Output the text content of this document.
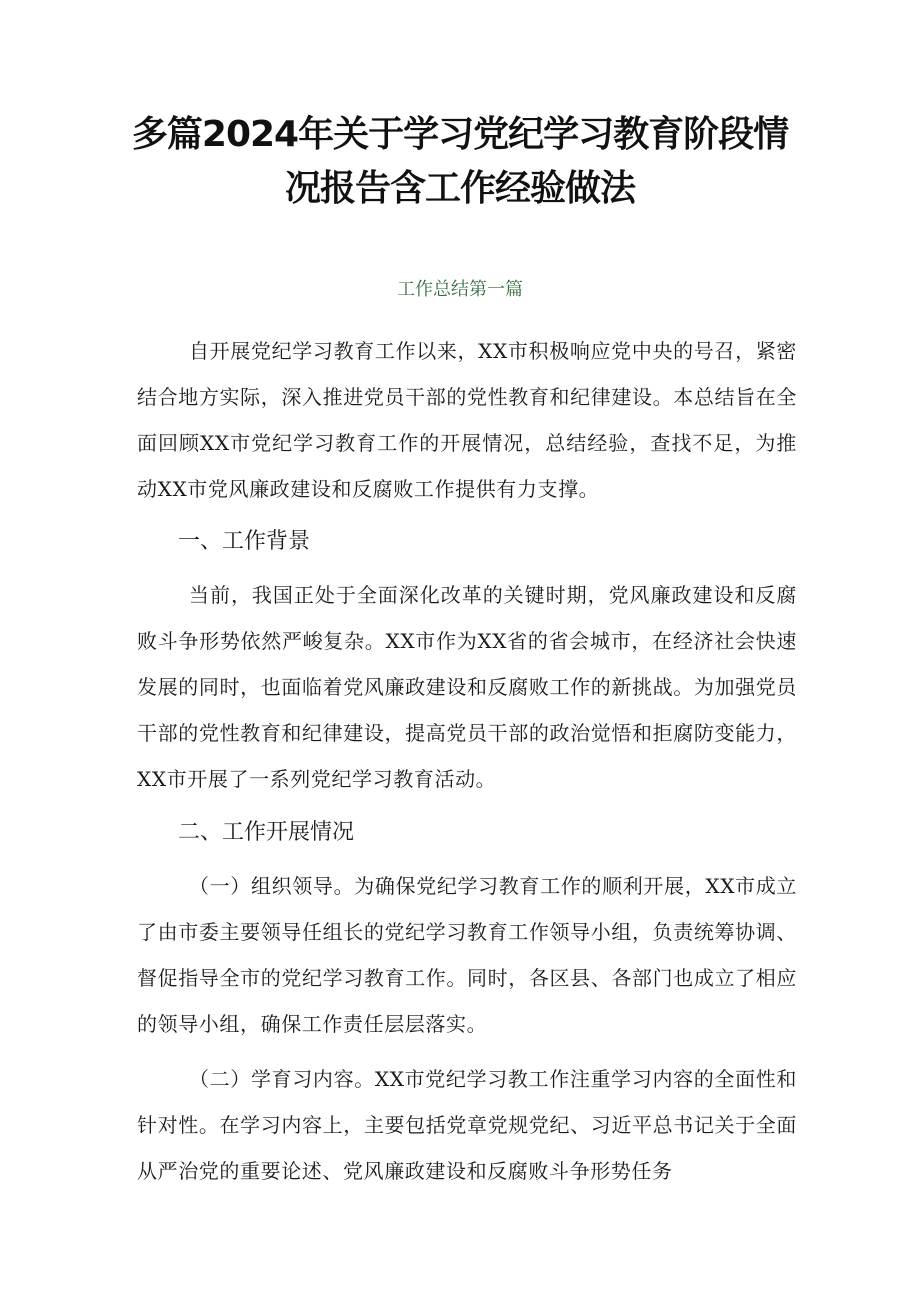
多篇2024年关于学习党纪学习教育阶段情况报告含工作经验做法
工作总结第一篇

自开展党纪学习教育工作以来，XX市积极响应党中央的号召，紧密结合地方实际，深入推进党员干部的党性教育和纪律建设。本总结旨在全面回顾XX市党纪学习教育工作的开展情况，总结经验，查找不足，为推动XX市党风廉政建设和反腐败工作提供有力支撑。

一、工作背景

当前，我国正处于全面深化改革的关键时期，党风廉政建设和反腐败斗争形势依然严峻复杂。XX市作为XX省的省会城市，在经济社会快速发展的同时，也面临着党风廉政建设和反腐败工作的新挑战。为加强党员干部的党性教育和纪律建设，提高党员干部的政治觉悟和拒腐防变能力，XX市开展了一系列党纪学习教育活动。

二、工作开展情况

（一）组织领导。为确保党纪学习教育工作的顺利开展，XX市成立了由市委主要领导任组长的党纪学习教育工作领导小组，负责统筹协调、督促指导全市的党纪学习教育工作。同时，各区县、各部门也成立了相应的领导小组，确保工作责任层层落实。

（二）学育习内容。XX市党纪学习教工作注重学习内容的全面性和针对性。在学习内容上，主要包括党章党规党纪、习近平总书记关于全面从严治党的重要论述、党风廉政建设和反腐败斗争形势任务
